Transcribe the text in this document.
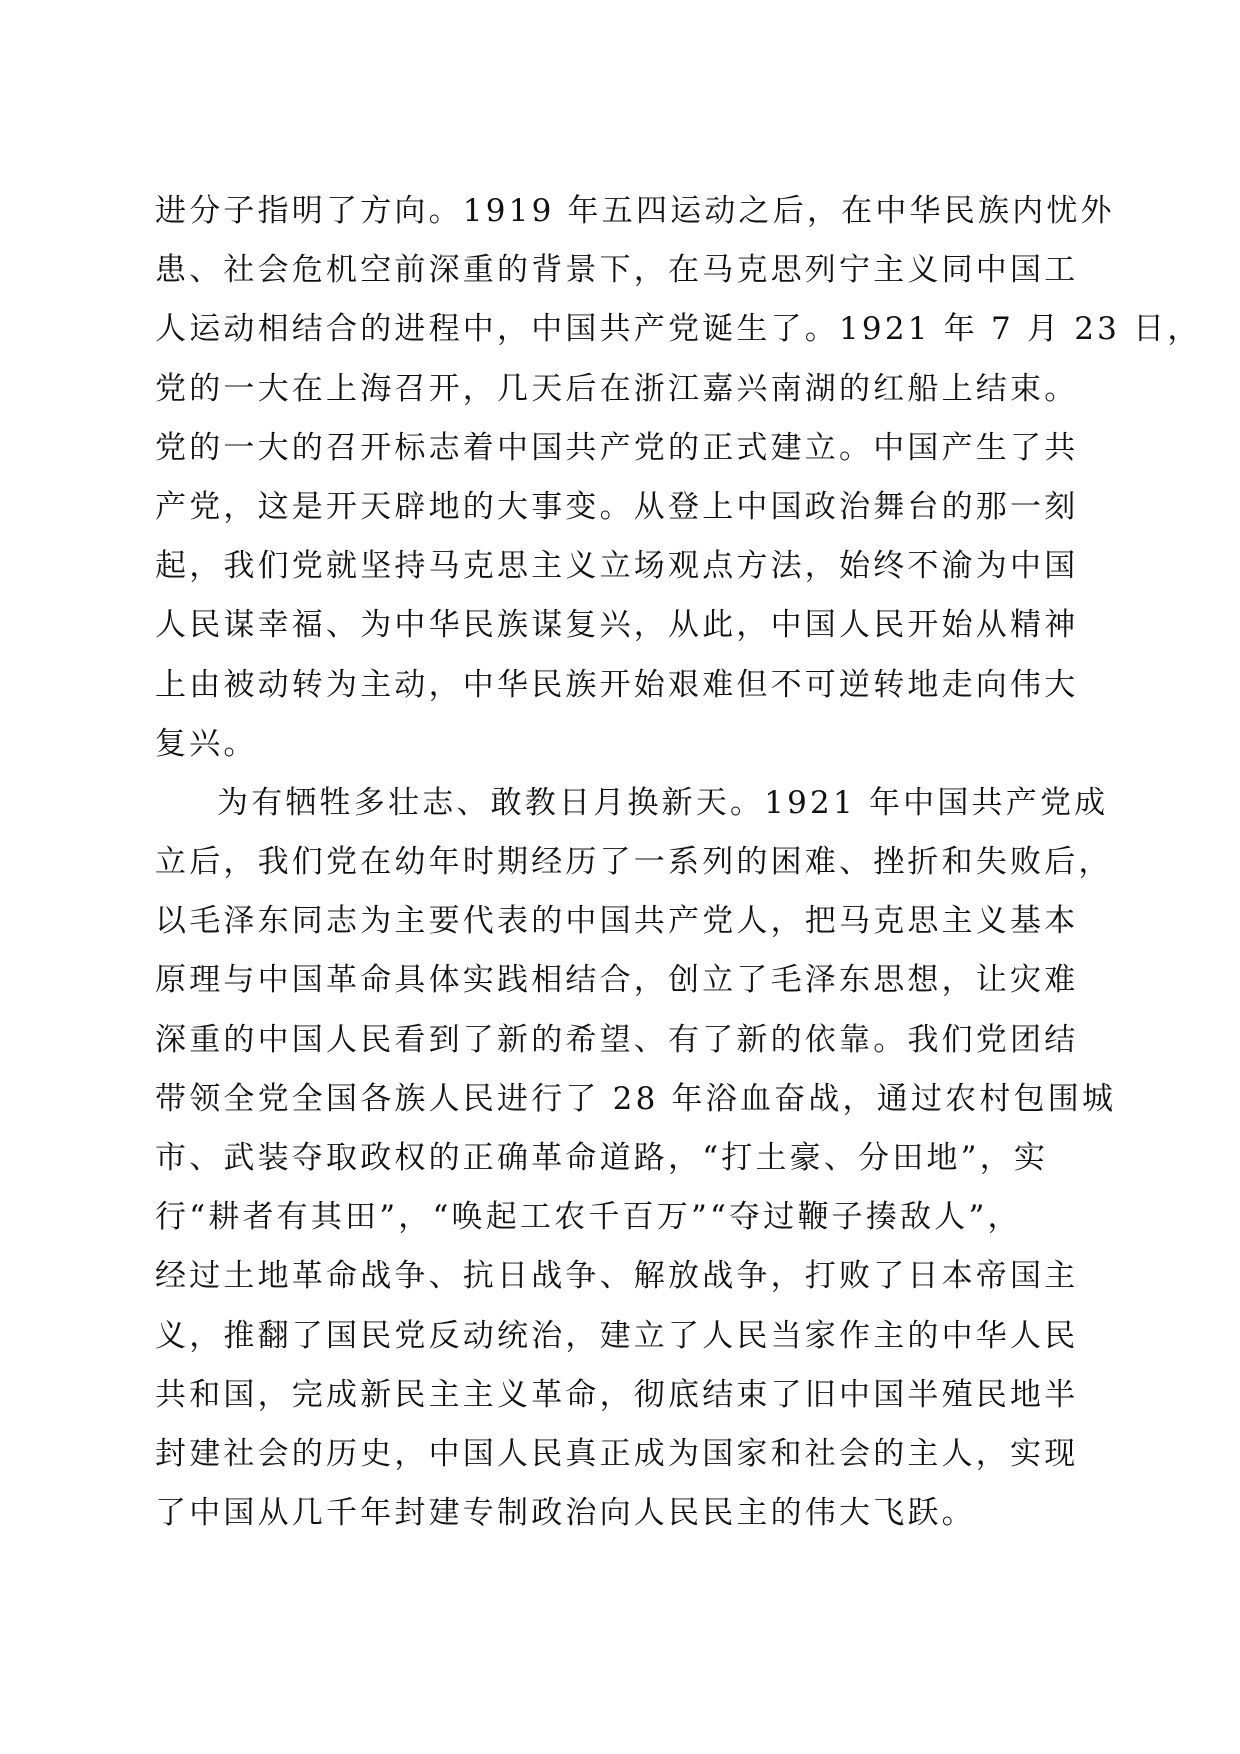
进分子指明了方向。1919 年五四运动之后，在中华民族内忧外
患、社会危机空前深重的背景下，在马克思列宁主义同中国工
人运动相结合的进程中，中国共产党诞生了。1921 年 7 月 23 日，
党的一大在上海召开，几天后在浙江嘉兴南湖的红船上结束。
党的一大的召开标志着中国共产党的正式建立。中国产生了共
产党，这是开天辟地的大事变。从登上中国政治舞台的那一刻
起，我们党就坚持马克思主义立场观点方法，始终不渝为中国
人民谋幸福、为中华民族谋复兴，从此，中国人民开始从精神
上由被动转为主动，中华民族开始艰难但不可逆转地走向伟大
复兴。
为有牺牲多壮志、敢教日月换新天。1921 年中国共产党成
立后，我们党在幼年时期经历了一系列的困难、挫折和失败后，
以毛泽东同志为主要代表的中国共产党人，把马克思主义基本
原理与中国革命具体实践相结合，创立了毛泽东思想，让灾难
深重的中国人民看到了新的希望、有了新的依靠。我们党团结
带领全党全国各族人民进行了 28 年浴血奋战，通过农村包围城
市、武装夺取政权的正确革命道路，“打土豪、分田地”，实
行“耕者有其田”，“唤起工农千百万”“夺过鞭子揍敌人”，
经过土地革命战争、抗日战争、解放战争，打败了日本帝国主
义，推翻了国民党反动统治，建立了人民当家作主的中华人民
共和国，完成新民主主义革命，彻底结束了旧中国半殖民地半
封建社会的历史，中国人民真正成为国家和社会的主人，实现
了中国从几千年封建专制政治向人民民主的伟大飞跃。
